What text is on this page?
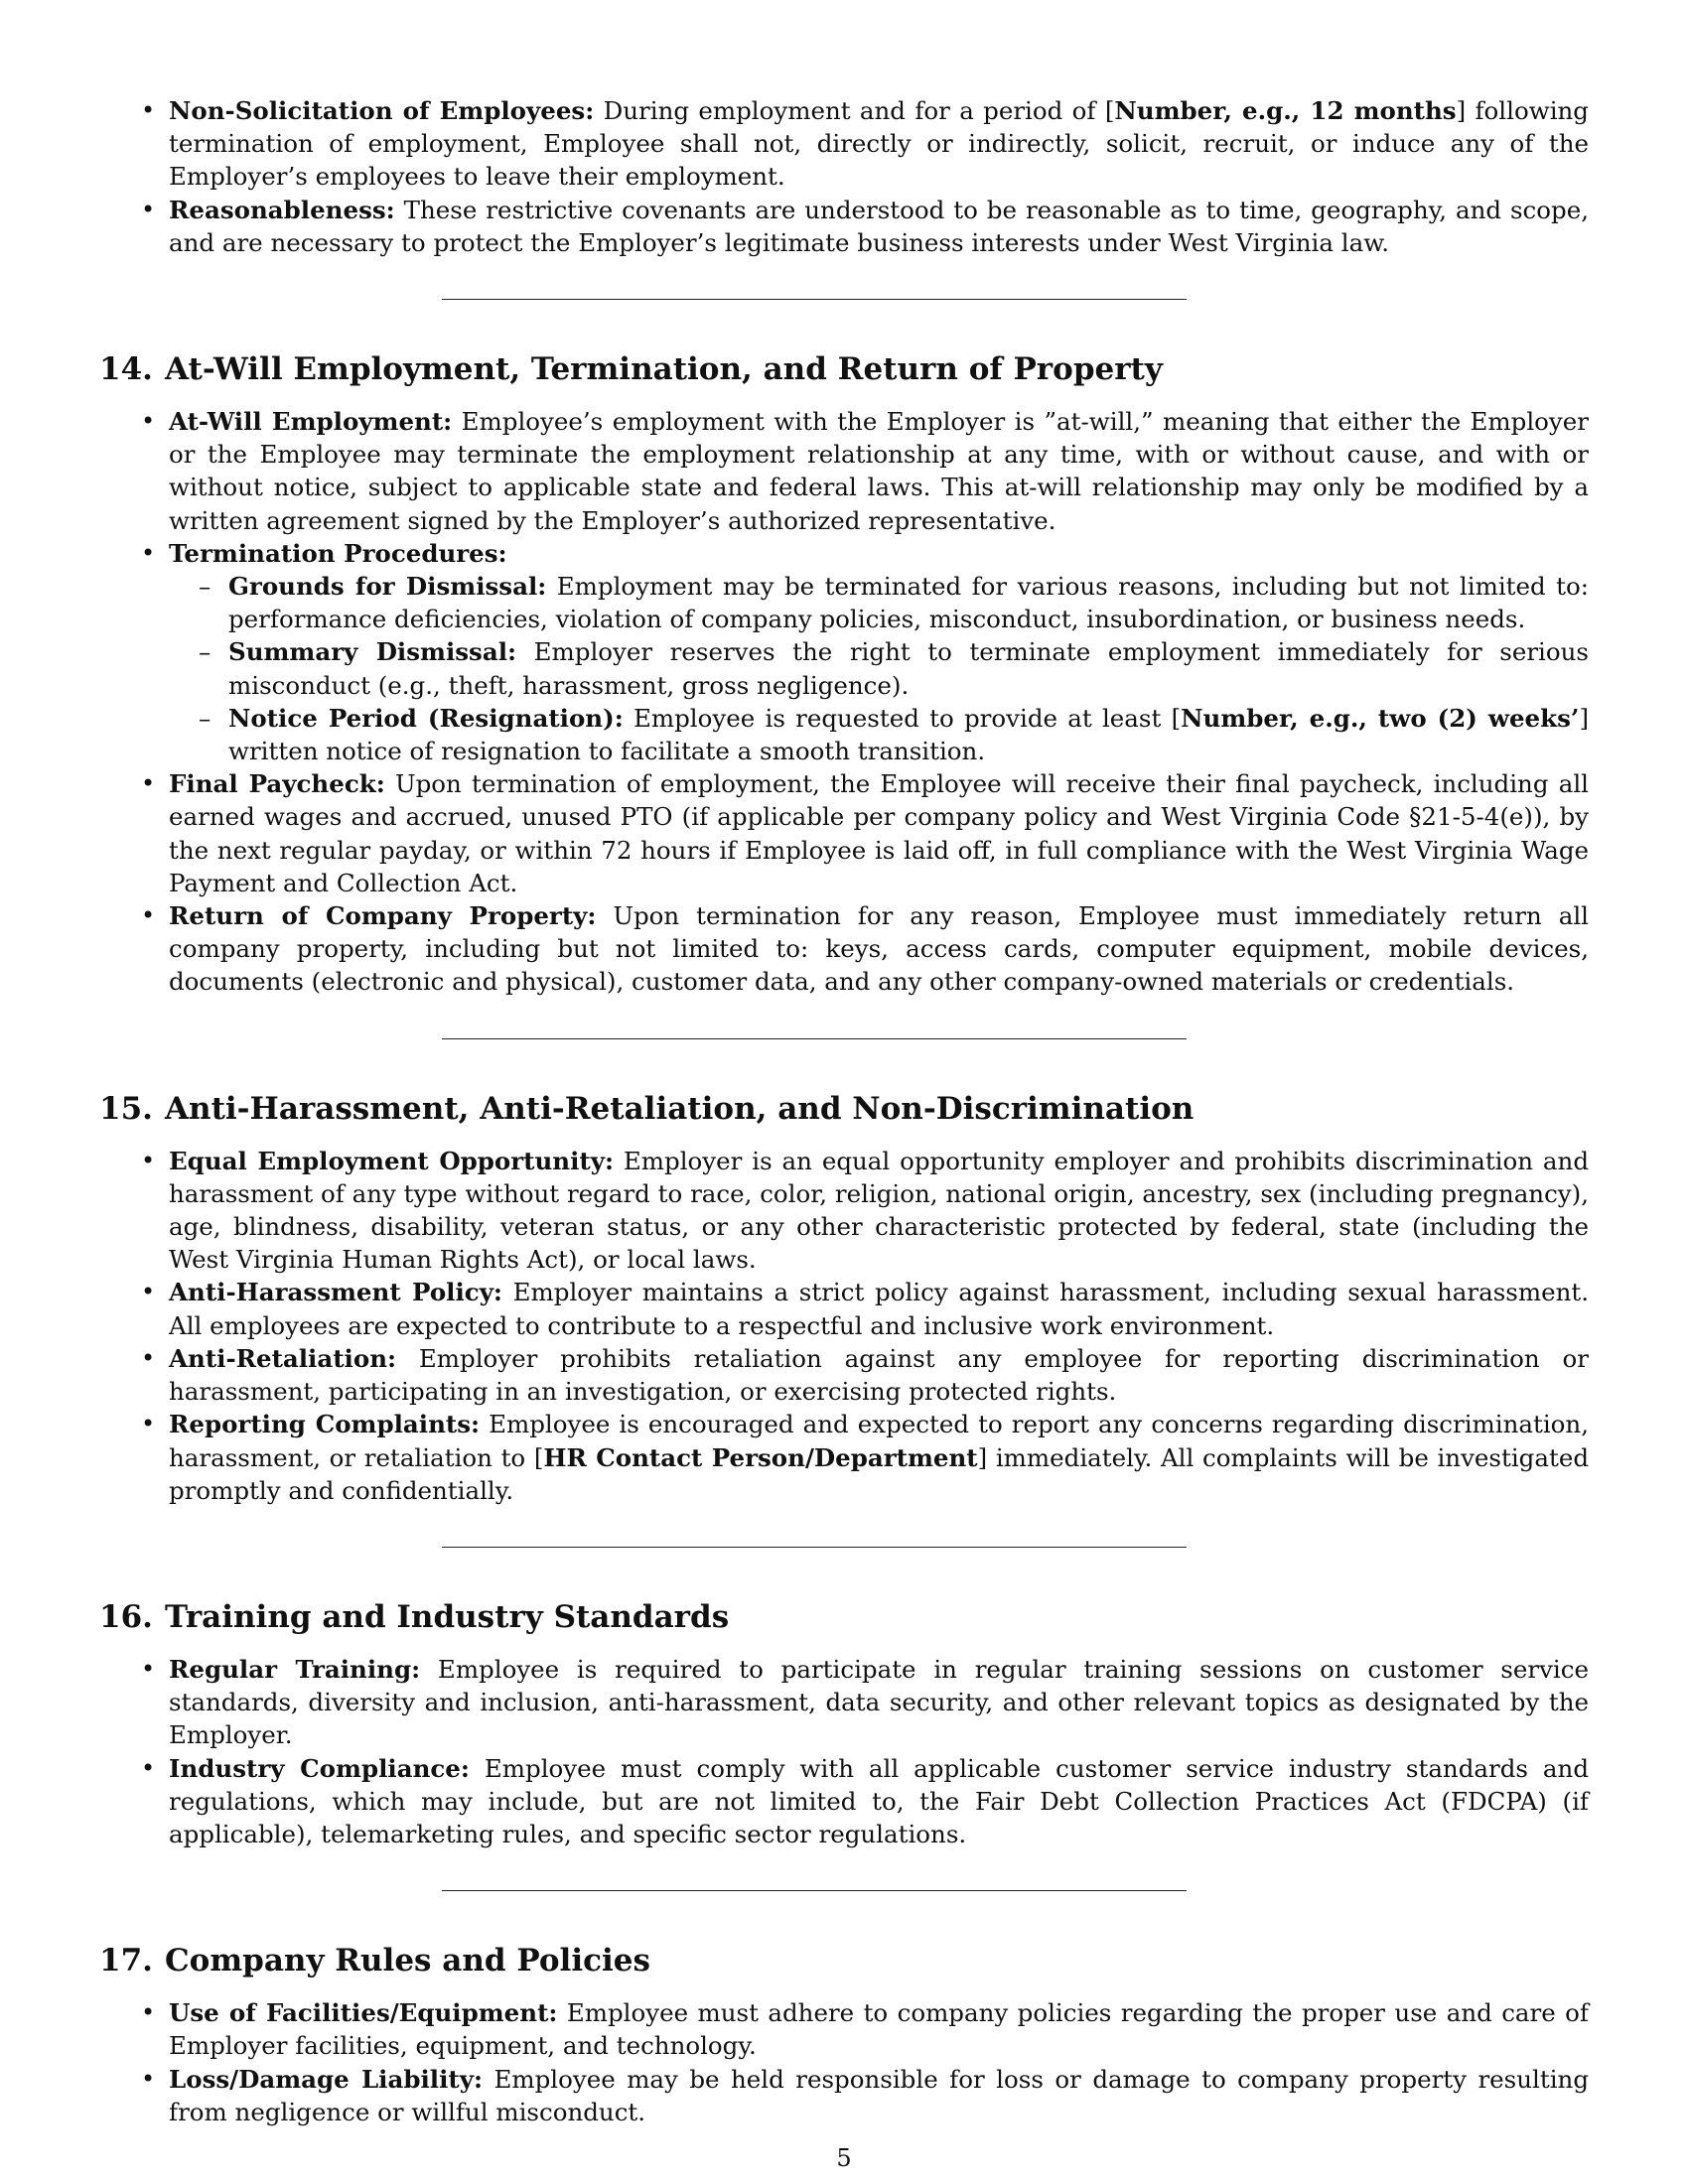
• Non-Solicitation of Employees: During employment and for a period of [Number, e.g., 12 months] following termination of employment, Employee shall not, directly or indirectly, solicit, recruit, or induce any of the Employer’s employees to leave their employment.
• Reasonableness: These restrictive covenants are understood to be reasonable as to time, geography, and scope, and are necessary to protect the Employer’s legitimate business interests under West Virginia law.
14. At-Will Employment, Termination, and Return of Property
• At-Will Employment: Employee’s employment with the Employer is ”at-will,” meaning that either the Employer or the Employee may terminate the employment relationship at any time, with or without cause, and with or without notice, subject to applicable state and federal laws. This at-will relationship may only be modified by a written agreement signed by the Employer’s authorized representative.
• Termination Procedures:
– Grounds for Dismissal: Employment may be terminated for various reasons, including but not limited to: performance deficiencies, violation of company policies, misconduct, insubordination, or business needs.
– Summary Dismissal: Employer reserves the right to terminate employment immediately for serious misconduct (e.g., theft, harassment, gross negligence).
– Notice Period (Resignation): Employee is requested to provide at least [Number, e.g., two (2) weeks’] written notice of resignation to facilitate a smooth transition.
• Final Paycheck: Upon termination of employment, the Employee will receive their final paycheck, including all earned wages and accrued, unused PTO (if applicable per company policy and West Virginia Code §21-5-4(e)), by the next regular payday, or within 72 hours if Employee is laid off, in full compliance with the West Virginia Wage Payment and Collection Act.
• Return of Company Property: Upon termination for any reason, Employee must immediately return all company property, including but not limited to: keys, access cards, computer equipment, mobile devices, documents (electronic and physical), customer data, and any other company-owned materials or credentials.
15. Anti-Harassment, Anti-Retaliation, and Non-Discrimination
• Equal Employment Opportunity: Employer is an equal opportunity employer and prohibits discrimination and harassment of any type without regard to race, color, religion, national origin, ancestry, sex (including pregnancy), age, blindness, disability, veteran status, or any other characteristic protected by federal, state (including the West Virginia Human Rights Act), or local laws.
• Anti-Harassment Policy: Employer maintains a strict policy against harassment, including sexual harassment. All employees are expected to contribute to a respectful and inclusive work environment.
• Anti-Retaliation: Employer prohibits retaliation against any employee for reporting discrimination or harassment, participating in an investigation, or exercising protected rights.
• Reporting Complaints: Employee is encouraged and expected to report any concerns regarding discrimination, harassment, or retaliation to [HR Contact Person/Department] immediately. All complaints will be investigated promptly and confidentially.
16. Training and Industry Standards
• Regular Training: Employee is required to participate in regular training sessions on customer service standards, diversity and inclusion, anti-harassment, data security, and other relevant topics as designated by the Employer.
• Industry Compliance: Employee must comply with all applicable customer service industry standards and regulations, which may include, but are not limited to, the Fair Debt Collection Practices Act (FDCPA) (if applicable), telemarketing rules, and specific sector regulations.
17. Company Rules and Policies
• Use of Facilities/Equipment: Employee must adhere to company policies regarding the proper use and care of Employer facilities, equipment, and technology.
• Loss/Damage Liability: Employee may be held responsible for loss or damage to company property resulting from negligence or willful misconduct.
5
